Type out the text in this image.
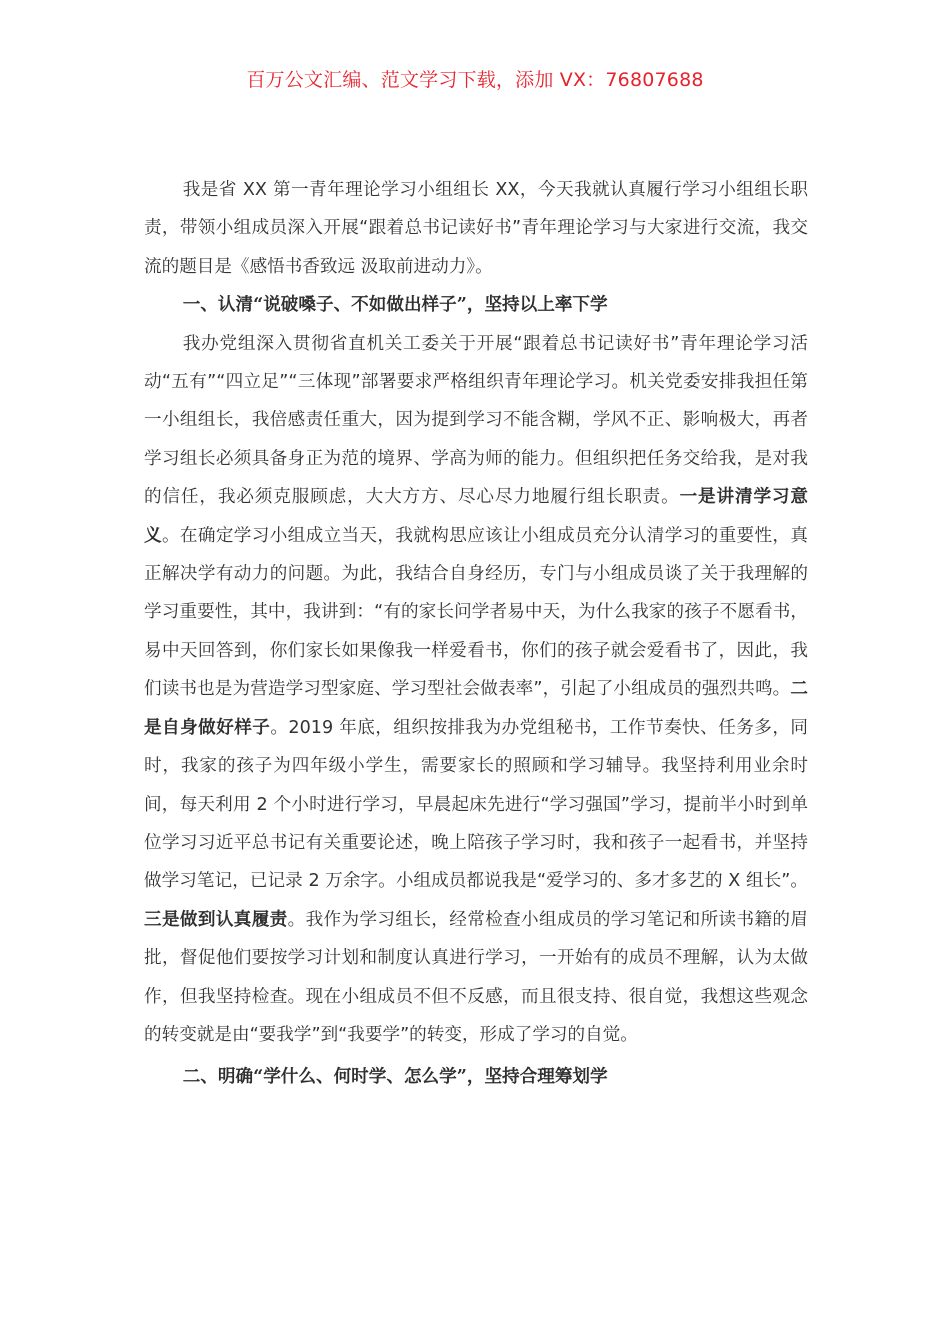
百万公文汇编、范文学习下载，添加 VX：76807688

我是省 XX 第一青年理论学习小组组长 XX，今天我就认真履行学习小组组长职责，带领小组成员深入开展“跟着总书记读好书”青年理论学习与大家进行交流，我交流的题目是《感悟书香致远 汲取前进动力》。

一、认清“说破嗓子、不如做出样子”，坚持以上率下学

我办党组深入贯彻省直机关工委关于开展“跟着总书记读好书”青年理论学习活动“五有”“四立足”“三体现”部署要求严格组织青年理论学习。机关党委安排我担任第一小组组长，我倍感责任重大，因为提到学习不能含糊，学风不正、影响极大，再者学习组长必须具备身正为范的境界、学高为师的能力。但组织把任务交给我，是对我的信任，我必须克服顾虑，大大方方、尽心尽力地履行组长职责。一是讲清学习意义。在确定学习小组成立当天，我就构思应该让小组成员充分认清学习的重要性，真正解决学有动力的问题。为此，我结合自身经历，专门与小组成员谈了关于我理解的学习重要性，其中，我讲到：“有的家长问学者易中天，为什么我家的孩子不愿看书，易中天回答到，你们家长如果像我一样爱看书，你们的孩子就会爱看书了，因此，我们读书也是为营造学习型家庭、学习型社会做表率”，引起了小组成员的强烈共鸣。二是自身做好样子。2019 年底，组织按排我为办党组秘书，工作节奏快、任务多，同时，我家的孩子为四年级小学生，需要家长的照顾和学习辅导。我坚持利用业余时间，每天利用 2 个小时进行学习，早晨起床先进行“学习强国”学习，提前半小时到单位学习习近平总书记有关重要论述，晚上陪孩子学习时，我和孩子一起看书，并坚持做学习笔记，已记录 2 万余字。小组成员都说我是“爱学习的、多才多艺的 X 组长”。三是做到认真履责。我作为学习组长，经常检查小组成员的学习笔记和所读书籍的眉批，督促他们要按学习计划和制度认真进行学习，一开始有的成员不理解，认为太做作，但我坚持检查。现在小组成员不但不反感，而且很支持、很自觉，我想这些观念的转变就是由“要我学”到“我要学”的转变，形成了学习的自觉。

二、明确“学什么、何时学、怎么学”，坚持合理筹划学
